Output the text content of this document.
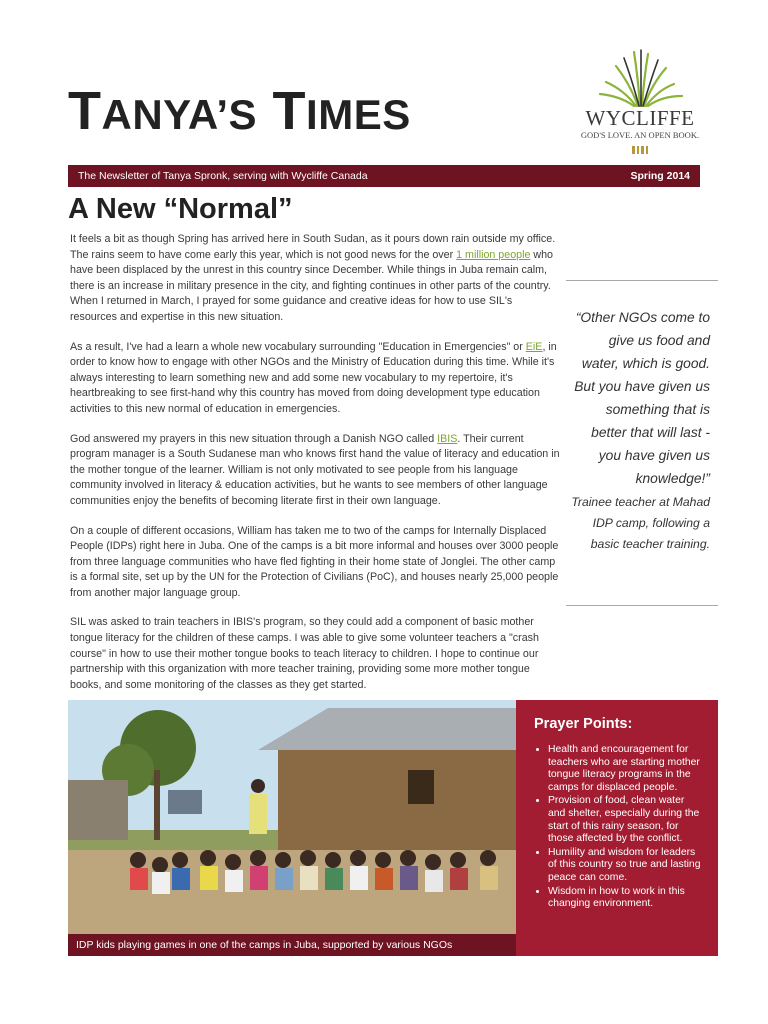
TANYA’S TIMES	WYCLIFFE
GOD'S LOVE. AN OPEN BOOK.
The Newsletter of Tanya Spronk, serving with Wycliffe Canada	Spring 2014
A New “Normal”

It feels a bit as though Spring has arrived here in South Sudan, as it pours down rain outside my office. The rains seem to have come early this year, which is not good news for the over 1 million people who have been displaced by the unrest in this country since December. While things in Juba remain calm, there is an increase in military presence in the city, and fighting continues in other parts of the country. When I returned in March, I prayed for some guidance and creative ideas for how to use SIL's resources and expertise in this new situation.

As a result, I've had a learn a whole new vocabulary surrounding "Education in Emergencies" or EiE, in order to know how to engage with other NGOs and the Ministry of Education during this time. While it's always interesting to learn something new and add some new vocabulary to my repertoire, it's heartbreaking to see first-hand why this country has moved from doing development type education activities to this new normal of education in emergencies.

God answered my prayers in this new situation through a Danish NGO called IBIS. Their current program manager is a South Sudanese man who knows first hand the value of literacy and education in the mother tongue of the learner. William is not only motivated to see people from his language community involved in literacy & education activities, but he wants to see members of other language communities enjoy the benefits of becoming literate first in their own language.

On a couple of different occasions, William has taken me to two of the camps for Internally Displaced People (IDPs) right here in Juba. One of the camps is a bit more informal and houses over 3000 people from three language communities who have fled fighting in their home state of Jonglei. The other camp is a formal site, set up by the UN for the Protection of Civilians (PoC), and houses nearly 25,000 people from another major language group.

SIL was asked to train teachers in IBIS's program, so they could add a component of basic mother tongue literacy for the children of these camps. I was able to give some volunteer teachers a "crash course" in how to use their mother tongue books to teach literacy to children. I hope to continue our partnership with this organization with more teacher training, providing some more mother tongue books, and some monitoring of the classes as they get started.

“Other NGOs come to give us food and water, which is good. But you have given us something that is better that will last - you have given us knowledge!”
Trainee teacher at Mahad IDP camp, following a basic teacher training.
IDP kids playing games in one of the camps in Juba, supported by various NGOs
Prayer Points:
• Health and encouragement for teachers who are starting mother tongue literacy programs in the camps for displaced people.
• Provision of food, clean water and shelter, especially during the start of this rainy season, for those affected by the conflict.
• Humility and wisdom for leaders of this country so true and lasting peace can come.
• Wisdom in how to work in this changing environment.
